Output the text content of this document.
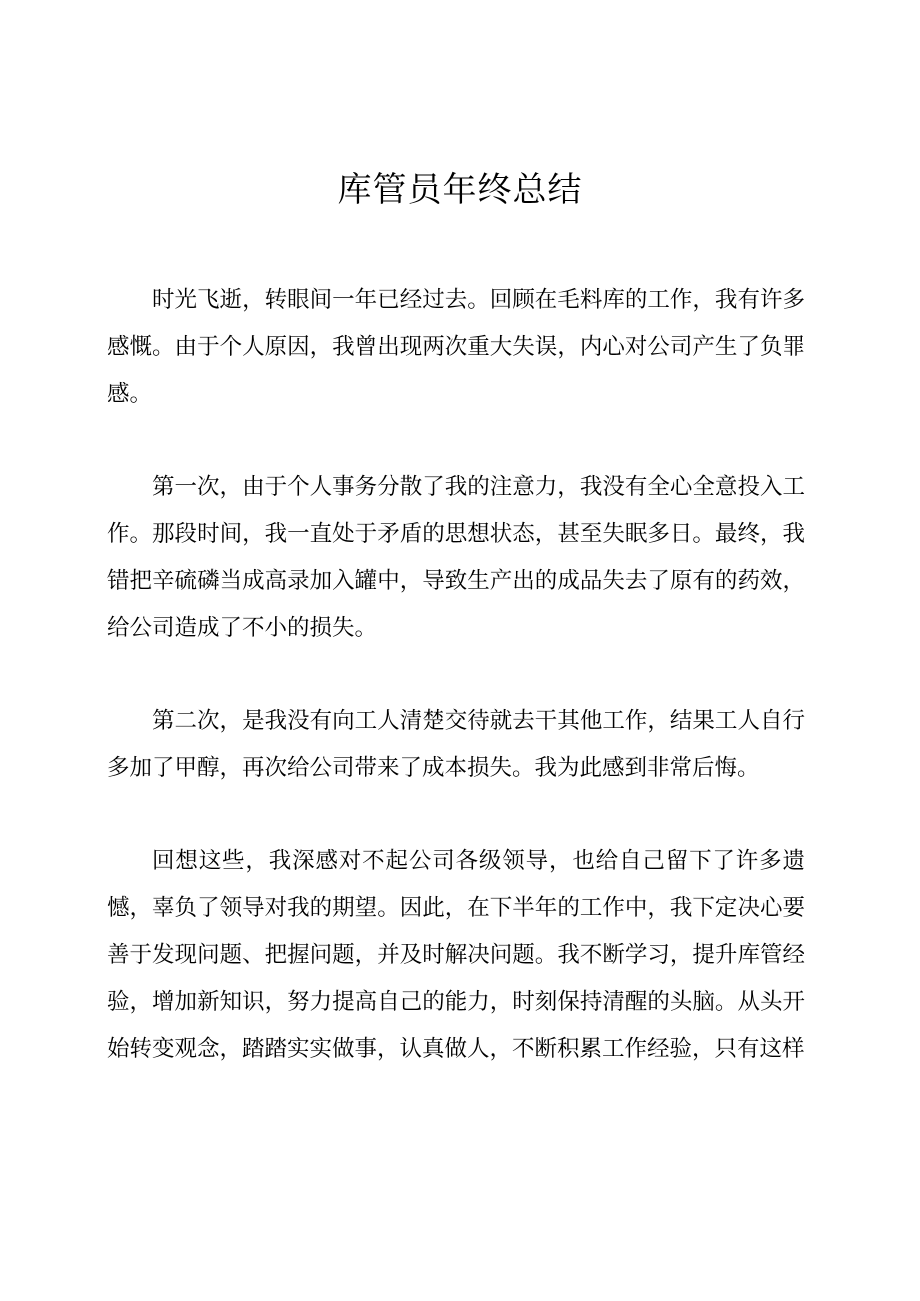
库管员年终总结

时光飞逝，转眼间一年已经过去。回顾在毛料库的工作，我有许多感慨。由于个人原因，我曾出现两次重大失误，内心对公司产生了负罪感。

第一次，由于个人事务分散了我的注意力，我没有全心全意投入工作。那段时间，我一直处于矛盾的思想状态，甚至失眠多日。最终，我错把辛硫磷当成高录加入罐中，导致生产出的成品失去了原有的药效，给公司造成了不小的损失。

第二次，是我没有向工人清楚交待就去干其他工作，结果工人自行多加了甲醇，再次给公司带来了成本损失。我为此感到非常后悔。

回想这些，我深感对不起公司各级领导，也给自己留下了许多遗憾，辜负了领导对我的期望。因此，在下半年的工作中，我下定决心要善于发现问题、把握问题，并及时解决问题。我不断学习，提升库管经验，增加新知识，努力提高自己的能力，时刻保持清醒的头脑。从头开始转变观念，踏踏实实做事，认真做人，不断积累工作经验，只有这样
